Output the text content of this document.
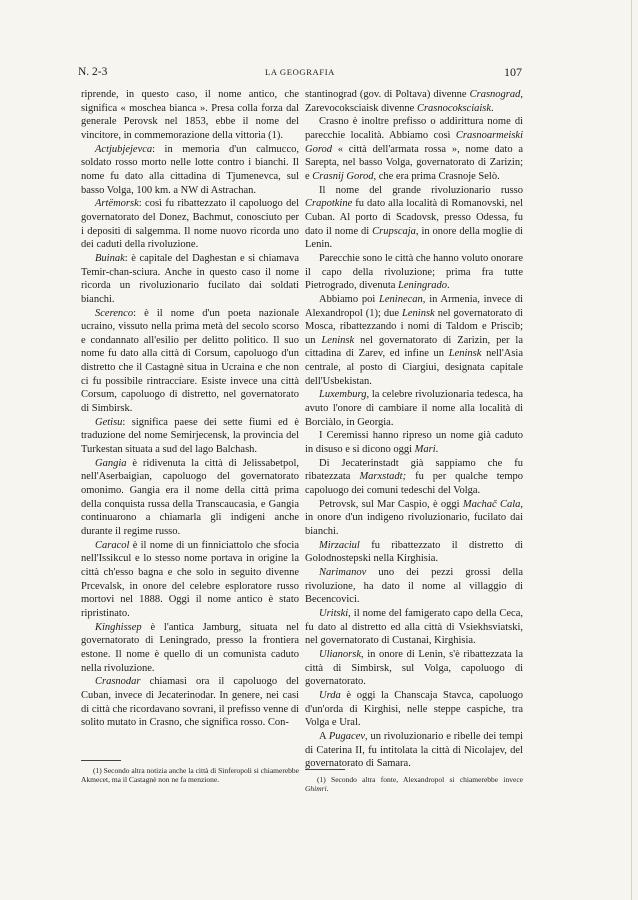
N. 2-3	LA GEOGRAFIA	107

riprende, in questo caso, il nome antico, che significa « moschea bianca ». Presa colla forza dal generale Perovsk nel 1853, ebbe il nome del vincitore, in commemorazione della vittoria (1).

Actjubjejevca: in memoria d'un calmucco, soldato rosso morto nelle lotte contro i bianchi. Il nome fu dato alla cittadina di Tjumenevca, sul basso Volga, 100 km. a NW di Astrachan.

Artëmorsk: così fu ribattezzato il capoluogo del governatorato del Donez, Bachmut, conosciuto per i depositi di salgemma. Il nome nuovo ricorda uno dei caduti della rivoluzione.

Buinak: è capitale del Daghestan e si chiamava Temir-chan-sciura. Anche in questo caso il nome ricorda un rivoluzionario fucilato dai soldati bianchi.

Scerenco: è il nome d'un poeta nazionale ucraino, vissuto nella prima metà del secolo scorso e condannato all'esilio per delitto politico. Il suo nome fu dato alla città di Corsum, capoluogo d'un distretto che il Castagnè situa in Ucraina e che non ci fu possibile rintracciare. Esiste invece una città Corsum, capoluogo di distretto, nel governatorato di Simbirsk.

Getisu: significa paese dei sette fiumi ed è traduzione del nome Semirjecensk, la provincia del Turkestan situata a sud del lago Balchash.

Gangia è ridivenuta la città di Jelissabetpol, nell'Aserbaigian, capoluogo del governatorato omonimo. Gangia era il nome della città prima della conquista russa della Transcaucasia, e Gangia continuarono a chiamarla gli indigeni anche durante il regime russo.

Caracol è il nome di un finniciattolo che sfocia nell'Issikcul e lo stesso nome portava in origine la città ch'esso bagna e che solo in seguito divenne Prcevalsk, in onore del celebre esploratore russo mortovi nel 1888. Oggi il nome antico è stato ripristinato.

Kinghissep è l'antica Jamburg, situata nel governatorato di Leningrado, presso la frontiera estone. Il nome è quello di un comunista caduto nella rivoluzione.

Crasnodar chiamasi ora il capoluogo del Cuban, invece di Jecaterinodar. In genere, nei casi di città che ricordavano sovrani, il prefisso venne di solito mutato in Crasno, che significa rosso. Con-

stantinograd (gov. di Poltava) divenne Crasnograd, Zarevocoksciaisk divenne Crasnocoksciaisk.

Crasno è inoltre prefisso o addirittura nome di parecchie località. Abbiamo così Crasnoarmeiski Gorod « città dell'armata rossa », nome dato a Sarepta, nel basso Volga, governatorato di Zarizin; e Crasnij Gorod, che era prima Crasnoje Selò.

Il nome del grande rivoluzionario russo Crapotkine fu dato alla località di Romanovski, nel Cuban. Al porto di Scadovsk, presso Odessa, fu dato il nome di Crupscaja, in onore della moglie di Lenin.

Parecchie sono le città che hanno voluto onorare il capo della rivoluzione; prima fra tutte Pietrogrado, divenuta Leningrado.

Abbiamo poi Leninecan, in Armenia, invece di Alexandropol (1); due Leninsk nel governatorato di Mosca, ribattezzando i nomi di Taldom e Priscib; un Leninsk nel governatorato di Zarizin, per la cittadina di Zarev, ed infine un Leninsk nell'Asia centrale, al posto di Ciargiui, designata capitale dell'Usbekistan.

Luxemburg, la celebre rivoluzionaria tedesca, ha avuto l'onore di cambiare il nome alla località di Borciàlo, in Georgia.

I Ceremissi hanno ripreso un nome già caduto in disuso e si dicono oggi Mari.

Di Jecaterinstadt già sappiamo che fu ribatezzata Marxstadt; fu per qualche tempo capoluogo dei comuni tedeschi del Volga.

Petrovsk, sul Mar Caspio, è oggi Machač Cala, in onore d'un indigeno rivoluzionario, fucilato dai bianchi.

Mirzaciul fu ribattezzato il distretto di Golodnostepski nella Kirghisia.

Narimanov uno dei pezzi grossi della rivoluzione, ha dato il nome al villaggio di Becencovici.

Uritski, il nome del famigerato capo della Ceca, fu dato al distretto ed alla città di Vsiekhsviatski, nel governatorato di Custanai, Kirghisia.

Ulianorsk, in onore di Lenin, s'è ribattezzata la città di Simbirsk, sul Volga, capoluogo di governatorato.

Urda è oggi la Chanscaja Stavca, capoluogo d'un'orda di Kirghisi, nelle steppe caspiche, tra Volga e Ural.

A Pugacev, un rivoluzionario e ribelle dei tempi di Caterina II, fu intitolata la città di Nicolajev, del governatorato di Samara.

(1) Secondo altra notizia anche la città di Sinferopoli si chiamerebbe Akmecet, ma il Castagnè non ne fa menzione.	(1) Secondo altra fonte, Alexandropol si chiamerebbe invece Ghimri.
